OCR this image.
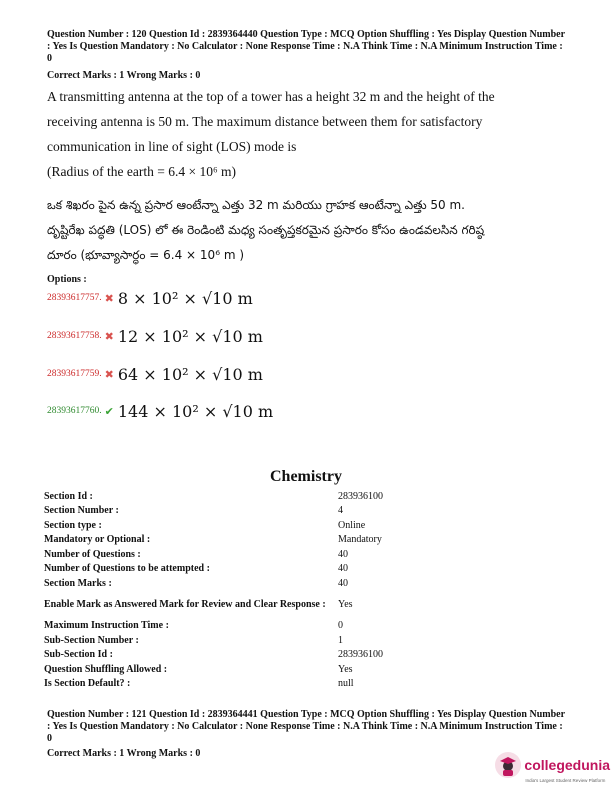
Question Number : 120 Question Id : 2839364440 Question Type : MCQ Option Shuffling : Yes Display Question Number : Yes Is Question Mandatory : No Calculator : None Response Time : N.A Think Time : N.A Minimum Instruction Time : 0
Correct Marks : 1 Wrong Marks : 0
A transmitting antenna at the top of a tower has a height 32 m and the height of the
receiving antenna is 50 m. The maximum distance between them for satisfactory
communication in line of sight (LOS) mode is
(Radius of the earth = 6.4 × 10⁶ m)
ఒక శిఖరం పైన ఉన్న ప్రసార ఆంటేన్నా ఎత్తు 32 m మరియు గ్రాహక ఆంటేన్నా ఎత్తు 50 m.
దృష్టిరేఖ పద్ధతి (LOS) లో ఈ రెండింటి మధ్య సంతృప్తకరమైన ప్రసారం కోసం ఉండవలసిన గరిష్ఠ
దూరం (భూవ్యాసార్ధం = 6.4 × 10⁶ m )
Options :
28393617757. ✖ 8 × 10² × √10 m
28393617758. ✖ 12 × 10² × √10 m
28393617759. ✖ 64 × 10² × √10 m
28393617760. ✔ 144 × 10² × √10 m
Chemistry
Section Id :	283936100
Section Number :	4
Section type :	Online
Mandatory or Optional :	Mandatory
Number of Questions :	40
Number of Questions to be attempted :	40
Section Marks :	40
Enable Mark as Answered Mark for Review and Clear Response :	Yes
Maximum Instruction Time :	0
Sub-Section Number :	1
Sub-Section Id :	283936100
Question Shuffling Allowed :	Yes
Is Section Default? :	null
Question Number : 121 Question Id : 2839364441 Question Type : MCQ Option Shuffling : Yes Display Question Number : Yes Is Question Mandatory : No Calculator : None Response Time : N.A Think Time : N.A Minimum Instruction Time : 0
Correct Marks : 1 Wrong Marks : 0
collegedunia
India's Largest Student Review Platform
